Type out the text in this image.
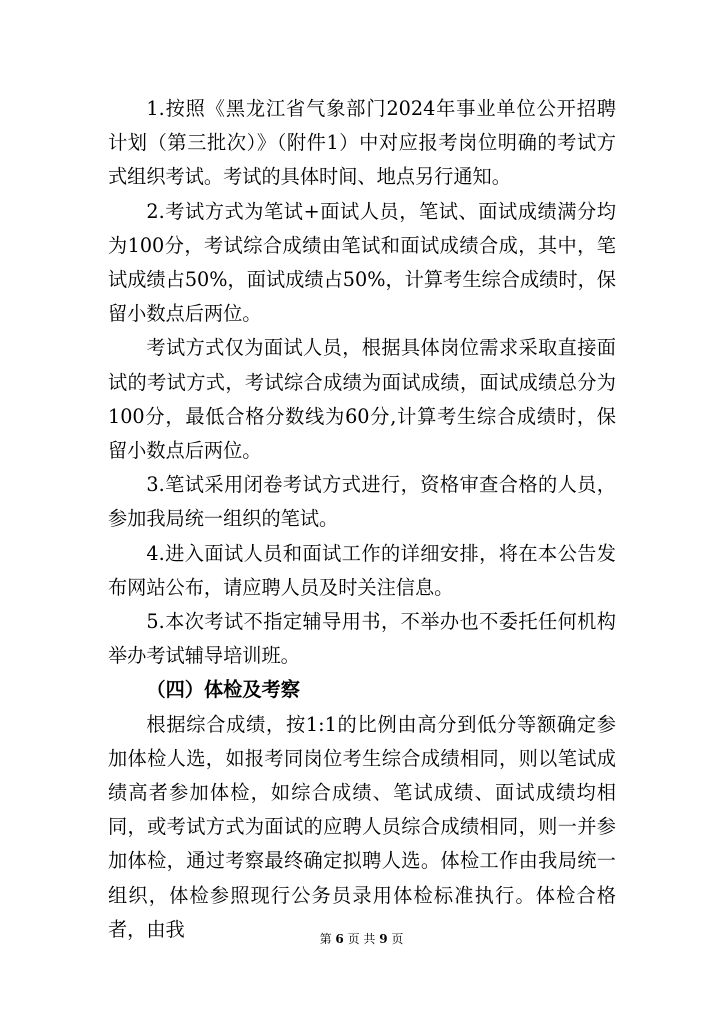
1.按照《黑龙江省气象部门2024年事业单位公开招聘计划（第三批次）》（附件1）中对应报考岗位明确的考试方式组织考试。考试的具体时间、地点另行通知。

2.考试方式为笔试+面试人员，笔试、面试成绩满分均为100分，考试综合成绩由笔试和面试成绩合成，其中，笔试成绩占50%，面试成绩占50%，计算考生综合成绩时，保留小数点后两位。

考试方式仅为面试人员，根据具体岗位需求采取直接面试的考试方式，考试综合成绩为面试成绩，面试成绩总分为100分，最低合格分数线为60分,计算考生综合成绩时，保留小数点后两位。

3.笔试采用闭卷考试方式进行，资格审查合格的人员，参加我局统一组织的笔试。

4.进入面试人员和面试工作的详细安排，将在本公告发布网站公布，请应聘人员及时关注信息。

5.本次考试不指定辅导用书，不举办也不委托任何机构举办考试辅导培训班。

（四）体检及考察

根据综合成绩，按1:1的比例由高分到低分等额确定参加体检人选，如报考同岗位考生综合成绩相同，则以笔试成绩高者参加体检，如综合成绩、笔试成绩、面试成绩均相同，或考试方式为面试的应聘人员综合成绩相同，则一并参加体检，通过考察最终确定拟聘人选。体检工作由我局统一组织，体检参照现行公务员录用体检标准执行。体检合格者，由我	第 6 页 共 9 页
